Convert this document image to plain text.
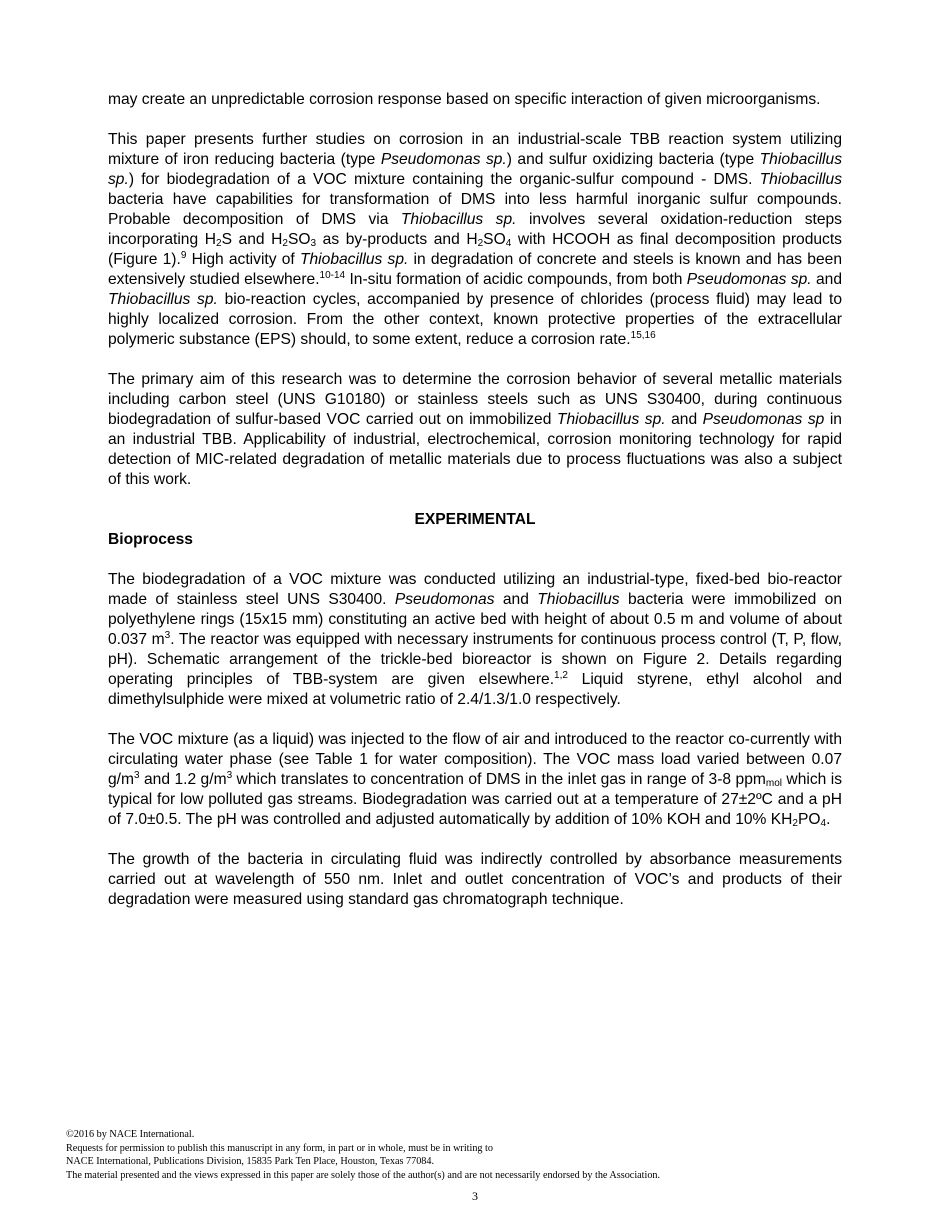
may create an unpredictable corrosion response based on specific interaction of given microorganisms.

This paper presents further studies on corrosion in an industrial-scale TBB reaction system utilizing mixture of iron reducing bacteria (type Pseudomonas sp.) and sulfur oxidizing bacteria (type Thiobacillus sp.) for biodegradation of a VOC mixture containing the organic-sulfur compound - DMS. Thiobacillus bacteria have capabilities for transformation of DMS into less harmful inorganic sulfur compounds. Probable decomposition of DMS via Thiobacillus sp. involves several oxidation-reduction steps incorporating $H_2S$ and $H_2SO_3$ as by-products and $H_2SO_4$ with HCOOH as final decomposition products (Figure 1).$^9$ High activity of Thiobacillus sp. in degradation of concrete and steels is known and has been extensively studied elsewhere.$^{10-14}$ In-situ formation of acidic compounds, from both Pseudomonas sp. and Thiobacillus sp. bio-reaction cycles, accompanied by presence of chlorides (process fluid) may lead to highly localized corrosion. From the other context, known protective properties of the extracellular polymeric substance (EPS) should, to some extent, reduce a corrosion rate.$^{15,16}$

The primary aim of this research was to determine the corrosion behavior of several metallic materials including carbon steel (UNS G10180) or stainless steels such as UNS S30400, during continuous biodegradation of sulfur-based VOC carried out on immobilized Thiobacillus sp. and Pseudomonas sp in an industrial TBB. Applicability of industrial, electrochemical, corrosion monitoring technology for rapid detection of MIC-related degradation of metallic materials due to process fluctuations was also a subject of this work.

EXPERIMENTAL
Bioprocess

The biodegradation of a VOC mixture was conducted utilizing an industrial-type, fixed-bed bio-reactor made of stainless steel UNS S30400. Pseudomonas and Thiobacillus bacteria were immobilized on polyethylene rings (15x15 mm) constituting an active bed with height of about 0.5 m and volume of about 0.037 $m^3$. The reactor was equipped with necessary instruments for continuous process control (T, P, flow, pH). Schematic arrangement of the trickle-bed bioreactor is shown on Figure 2. Details regarding operating principles of TBB-system are given elsewhere.$^{1,2}$ Liquid styrene, ethyl alcohol and dimethylsulphide were mixed at volumetric ratio of 2.4/1.3/1.0 respectively.

The VOC mixture (as a liquid) was injected to the flow of air and introduced to the reactor co-currently with circulating water phase (see Table 1 for water composition). The VOC mass load varied between 0.07 $g/m^3$ and 1.2 $g/m^3$ which translates to concentration of DMS in the inlet gas in range of 3-8 ppm$_{mol}$ which is typical for low polluted gas streams. Biodegradation was carried out at a temperature of 27±2ºC and a pH of 7.0±0.5. The pH was controlled and adjusted automatically by addition of 10% KOH and 10% $KH_2PO_4$.

The growth of the bacteria in circulating fluid was indirectly controlled by absorbance measurements carried out at wavelength of 550 nm. Inlet and outlet concentration of VOC’s and products of their degradation were measured using standard gas chromatograph technique.

©2016 by NACE International.
Requests for permission to publish this manuscript in any form, in part or in whole, must be in writing to
NACE International, Publications Division, 15835 Park Ten Place, Houston, Texas 77084.
The material presented and the views expressed in this paper are solely those of the author(s) and are not necessarily endorsed by the Association.
3
